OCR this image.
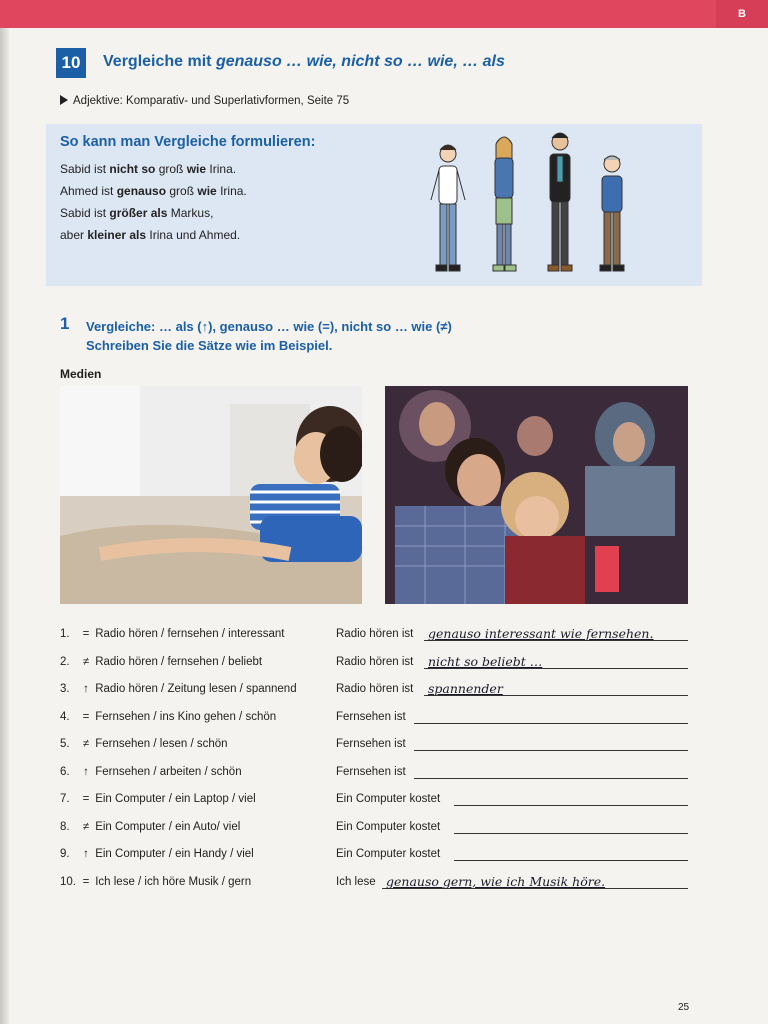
B
10	Vergleiche mit genauso … wie, nicht so … wie, … als
Adjektive: Komparativ- und Superlativformen, Seite 75
So kann man Vergleiche formulieren:
Sabid ist nicht so groß wie Irina.
Ahmed ist genauso groß wie Irina.
Sabid ist größer als Markus,
aber kleiner als Irina und Ahmed.
1 Vergleiche: … als (↑), genauso … wie (=), nicht so … wie (≠)
Schreiben Sie die Sätze wie im Beispiel.
Medien
1. = Radio hören / fernsehen / interessant	Radio hören ist genauso interessant wie fernsehen.
2. ≠ Radio hören / fernsehen / beliebt	Radio hören ist nicht so beliebt …
3. ↑ Radio hören / Zeitung lesen / spannend	Radio hören ist spannender
4. = Fernsehen / ins Kino gehen / schön	Fernsehen ist
5. ≠ Fernsehen / lesen / schön	Fernsehen ist
6. ↑ Fernsehen / arbeiten / schön	Fernsehen ist
7. = Ein Computer / ein Laptop / viel	Ein Computer kostet
8. ≠ Ein Computer / ein Auto/ viel	Ein Computer kostet
9. ↑ Ein Computer / ein Handy / viel	Ein Computer kostet
10. = Ich lese / ich höre Musik / gern	Ich lese genauso gern, wie ich Musik höre.
25
